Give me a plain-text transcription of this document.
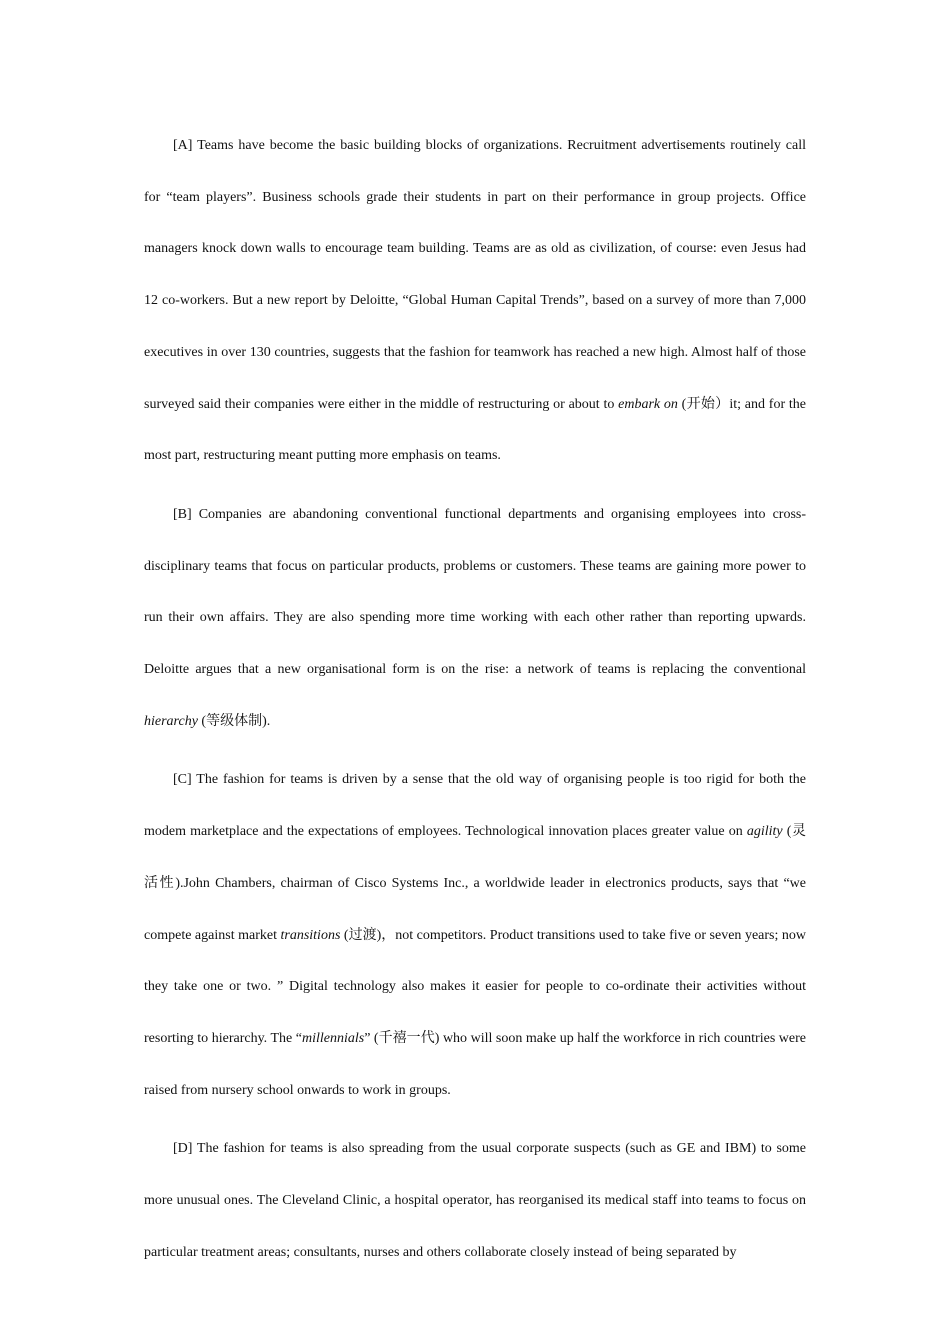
[A] Teams have become the basic building blocks of organizations. Recruitment advertisements routinely call for “team players”. Business schools grade their students in part on their performance in group projects. Office managers knock down walls to encourage team building. Teams are as old as civilization, of course: even Jesus had 12 co-workers. But a new report by Deloitte, “Global Human Capital Trends”, based on a survey of more than 7,000 executives in over 130 countries, suggests that the fashion for teamwork has reached a new high. Almost half of those surveyed said their companies were either in the middle of restructuring or about to embark on (开始）it; and for the most part, restructuring meant putting more emphasis on teams.

[B] Companies are abandoning conventional functional departments and organising employees into cross-disciplinary teams that focus on particular products, problems or customers. These teams are gaining more power to run their own affairs. They are also spending more time working with each other rather than reporting upwards. Deloitte argues that a new organisational form is on the rise: a network of teams is replacing the conventional hierarchy (等级体制).

[C] The fashion for teams is driven by a sense that the old way of organising people is too rigid for both the modem marketplace and the expectations of employees. Technological innovation places greater value on agility (灵活性).John Chambers, chairman of Cisco Systems Inc., a worldwide leader in electronics products, says that “we compete against market transitions (过渡)，not competitors. Product transitions used to take five or seven years; now they take one or two. ” Digital technology also makes it easier for people to co-ordinate their activities without resorting to hierarchy. The “millennials” (千禧一代) who will soon make up half the workforce in rich countries were raised from nursery school onwards to work in groups.

[D] The fashion for teams is also spreading from the usual corporate suspects (such as GE and IBM) to some more unusual ones. The Cleveland Clinic, a hospital operator, has reorganised its medical staff into teams to focus on particular treatment areas; consultants, nurses and others collaborate closely instead of being separated by
